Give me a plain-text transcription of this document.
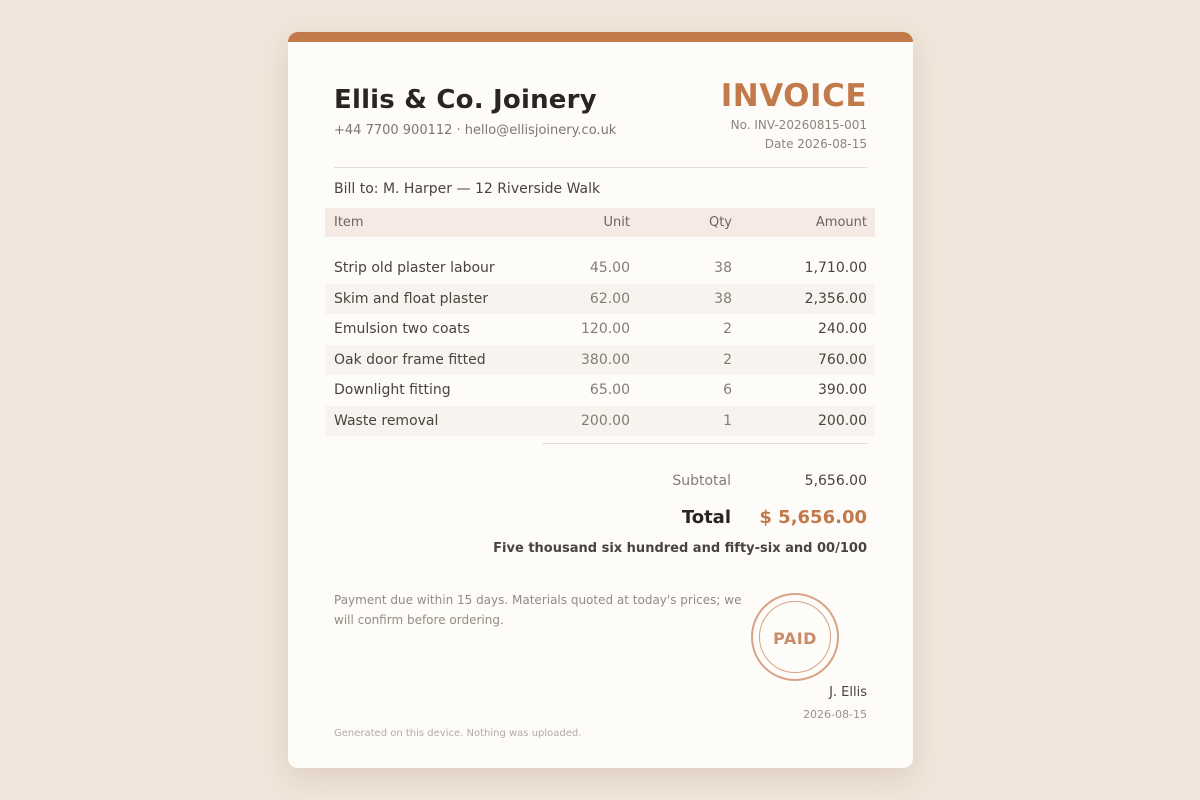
Ellis & Co. Joinery
+44 7700 900112 · hello@ellisjoinery.co.uk
INVOICE
No. INV-20260815-001
Date 2026-08-15
Bill to: M. Harper — 12 Riverside Walk
Item	Unit	Qty	Amount
Strip old plaster labour	45.00	38	1,710.00
Skim and float plaster	62.00	38	2,356.00
Emulsion two coats	120.00	2	240.00
Oak door frame fitted	380.00	2	760.00
Downlight fitting	65.00	6	390.00
Waste removal	200.00	1	200.00
Subtotal	5,656.00
Total $ 5,656.00
Five thousand six hundred and fifty-six and 00/100
Payment due within 15 days. Materials quoted at today's prices; we will confirm before ordering.
PAID
J. Ellis
2026-08-15
Generated on this device. Nothing was uploaded.
